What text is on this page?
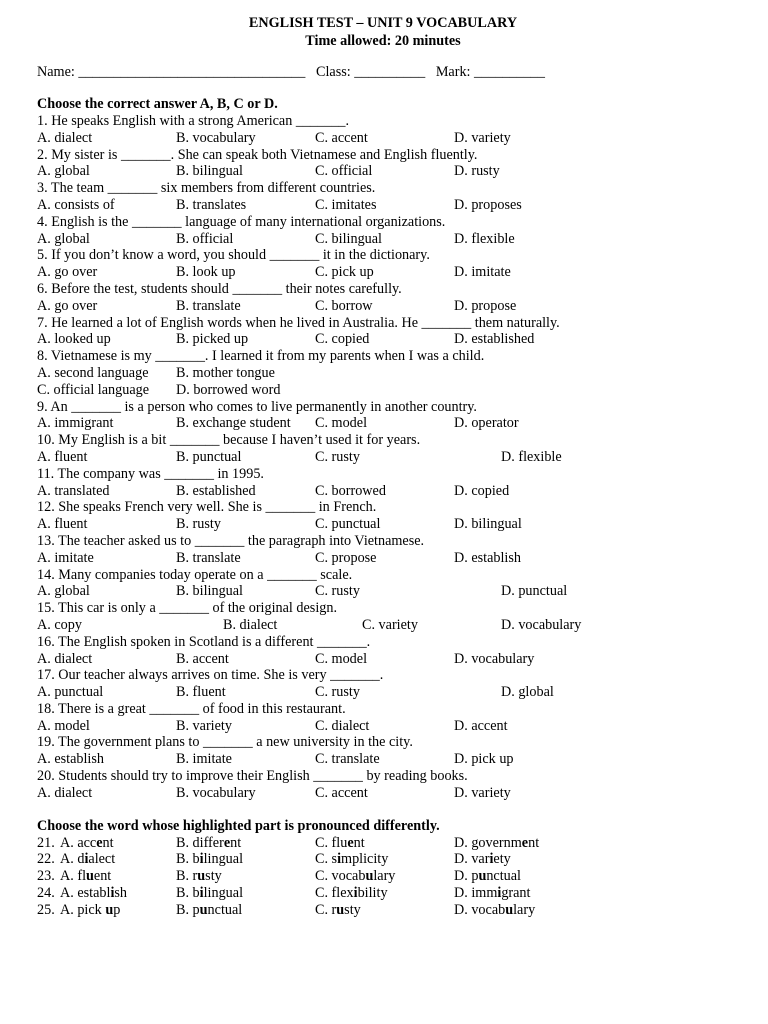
ENGLISH TEST – UNIT 9 VOCABULARY
Time allowed: 20 minutes
Name: ________________________________   Class: __________   Mark: __________
Choose the correct answer A, B, C or D.
1. He speaks English with a strong American _______.
A. dialect	B. vocabulary	C. accent	D. variety
2. My sister is _______. She can speak both Vietnamese and English fluently.
A. global	B. bilingual	C. official	D. rusty
3. The team _______ six members from different countries.
A. consists of	B. translates	C. imitates	D. proposes
4. English is the _______ language of many international organizations.
A. global	B. official	C. bilingual	D. flexible
5. If you don’t know a word, you should _______ it in the dictionary.
A. go over	B. look up	C. pick up	D. imitate
6. Before the test, students should _______ their notes carefully.
A. go over	B. translate	C. borrow	D. propose
7. He learned a lot of English words when he lived in Australia. He _______ them naturally.
A. looked up	B. picked up	C. copied	D. established
8. Vietnamese is my _______. I learned it from my parents when I was a child.
A. second language B. mother tongue
C. official language D. borrowed word
9. An _______ is a person who comes to live permanently in another country.
A. immigrant	B. exchange student C. model	D. operator
10. My English is a bit _______ because I haven’t used it for years.
A. fluent	B. punctual	C. rusty	D. flexible
11. The company was _______ in 1995.
A. translated	B. established	C. borrowed	D. copied
12. She speaks French very well. She is _______ in French.
A. fluent	B. rusty	C. punctual	D. bilingual
13. The teacher asked us to _______ the paragraph into Vietnamese.
A. imitate	B. translate	C. propose	D. establish
14. Many companies today operate on a _______ scale.
A. global	B. bilingual	C. rusty	D. punctual
15. This car is only a _______ of the original design.
A. copy	B. dialect	C. variety	D. vocabulary
16. The English spoken in Scotland is a different _______.
A. dialect	B. accent	C. model	D. vocabulary
17. Our teacher always arrives on time. She is very _______.
A. punctual	B. fluent	C. rusty	D. global
18. There is a great _______ of food in this restaurant.
A. model	B. variety	C. dialect	D. accent
19. The government plans to _______ a new university in the city.
A. establish	B. imitate	C. translate	D. pick up
20. Students should try to improve their English _______ by reading books.
A. dialect	B. vocabulary	C. accent	D. variety
Choose the word whose highlighted part is pronounced differently.
21. A. accent	B. different	C. fluent	D. government
22. A. dialect	B. bilingual	C. simplicity	D. variety
23. A. fluent	B. rusty	C. vocabulary	D. punctual
24. A. establish	B. bilingual	C. flexibility	D. immigrant
25. A. pick up	B. punctual	C. rusty	D. vocabulary
